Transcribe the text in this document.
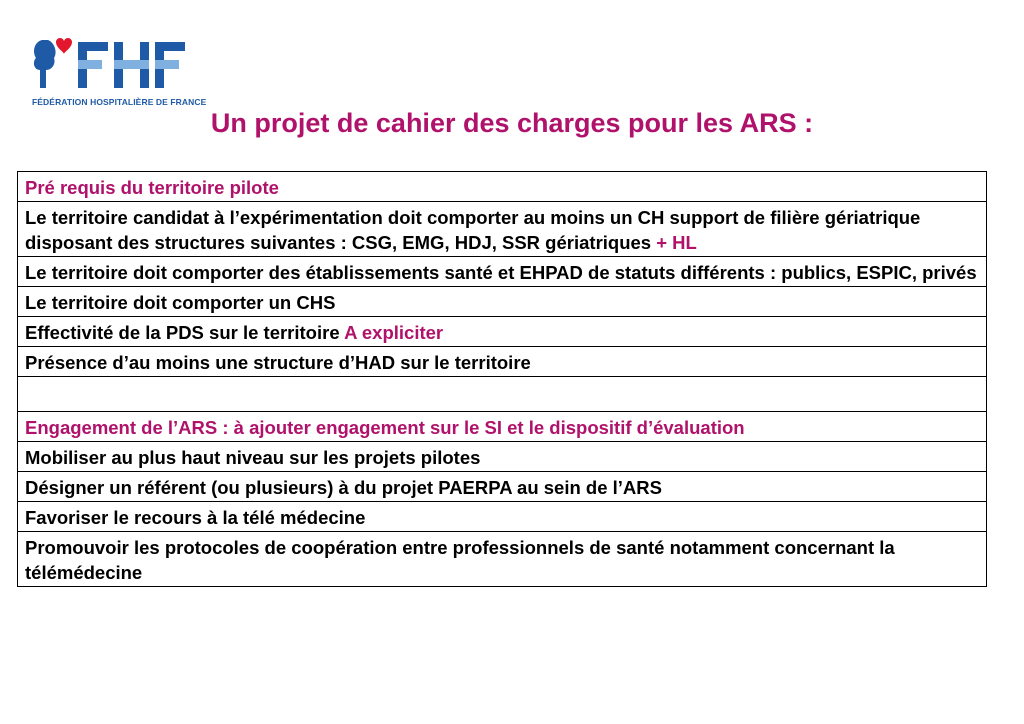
FÉDÉRATION HOSPITALIÈRE DE FRANCE
Un projet de cahier des charges pour les ARS :
Pré requis du territoire pilote
Le territoire candidat à l’expérimentation doit comporter au moins un CH support de filière gériatrique disposant des structures suivantes : CSG, EMG, HDJ, SSR gériatriques + HL
Le territoire doit comporter des établissements santé et EHPAD de statuts différents : publics, ESPIC, privés
Le territoire doit comporter un CHS
Effectivité de la PDS sur le territoire A expliciter
Présence d’au moins une structure d’HAD sur le territoire

Engagement de l’ARS : à ajouter engagement sur le SI et le dispositif d’évaluation
Mobiliser au plus haut niveau sur les projets pilotes
Désigner un référent (ou plusieurs) à du projet PAERPA au sein de l’ARS
Favoriser le recours à la télé médecine
Promouvoir les protocoles de coopération entre professionnels de santé notamment concernant la télémédecine
